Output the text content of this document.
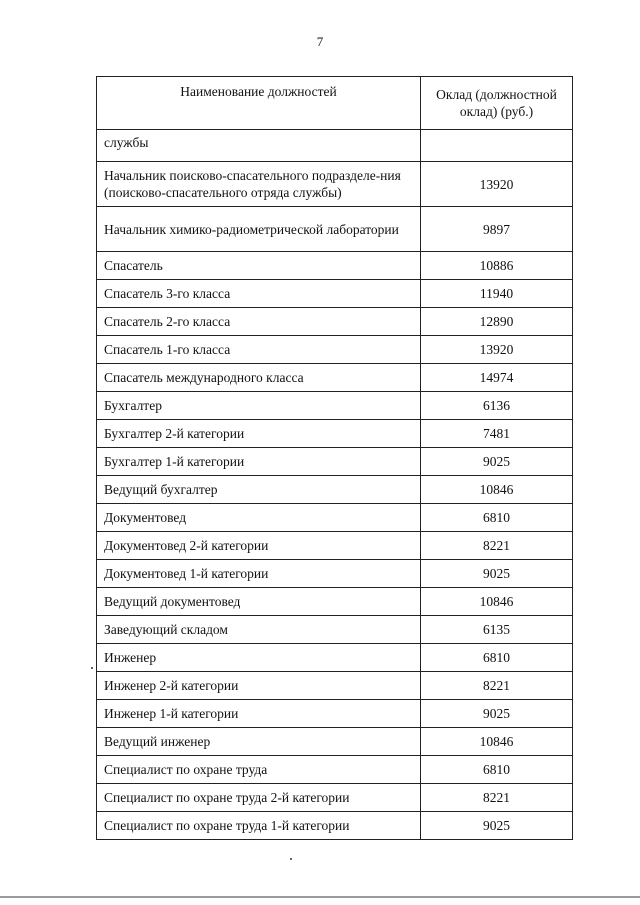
7
Наименование должностей	Оклад (должностной оклад) (руб.)
службы	
Начальник поисково-спасательного подразделе-ния (поисково-спасательного отряда службы)	13920
Начальник химико-радиометрической лаборатории	9897
Спасатель	10886
Спасатель 3-го класса	11940
Спасатель 2-го класса	12890
Спасатель 1-го класса	13920
Спасатель международного класса	14974
Бухгалтер	6136
Бухгалтер 2-й категории	7481
Бухгалтер 1-й категории	9025
Ведущий бухгалтер	10846
Документовед	6810
Документовед 2-й категории	8221
Документовед 1-й категории	9025
Ведущий документовед	10846
Заведующий складом	6135
Инженер	6810
Инженер 2-й категории	8221
Инженер 1-й категории	9025
Ведущий инженер	10846
Специалист по охране труда	6810
Специалист по охране труда 2-й категории	8221
Специалист по охране труда 1-й категории	9025
